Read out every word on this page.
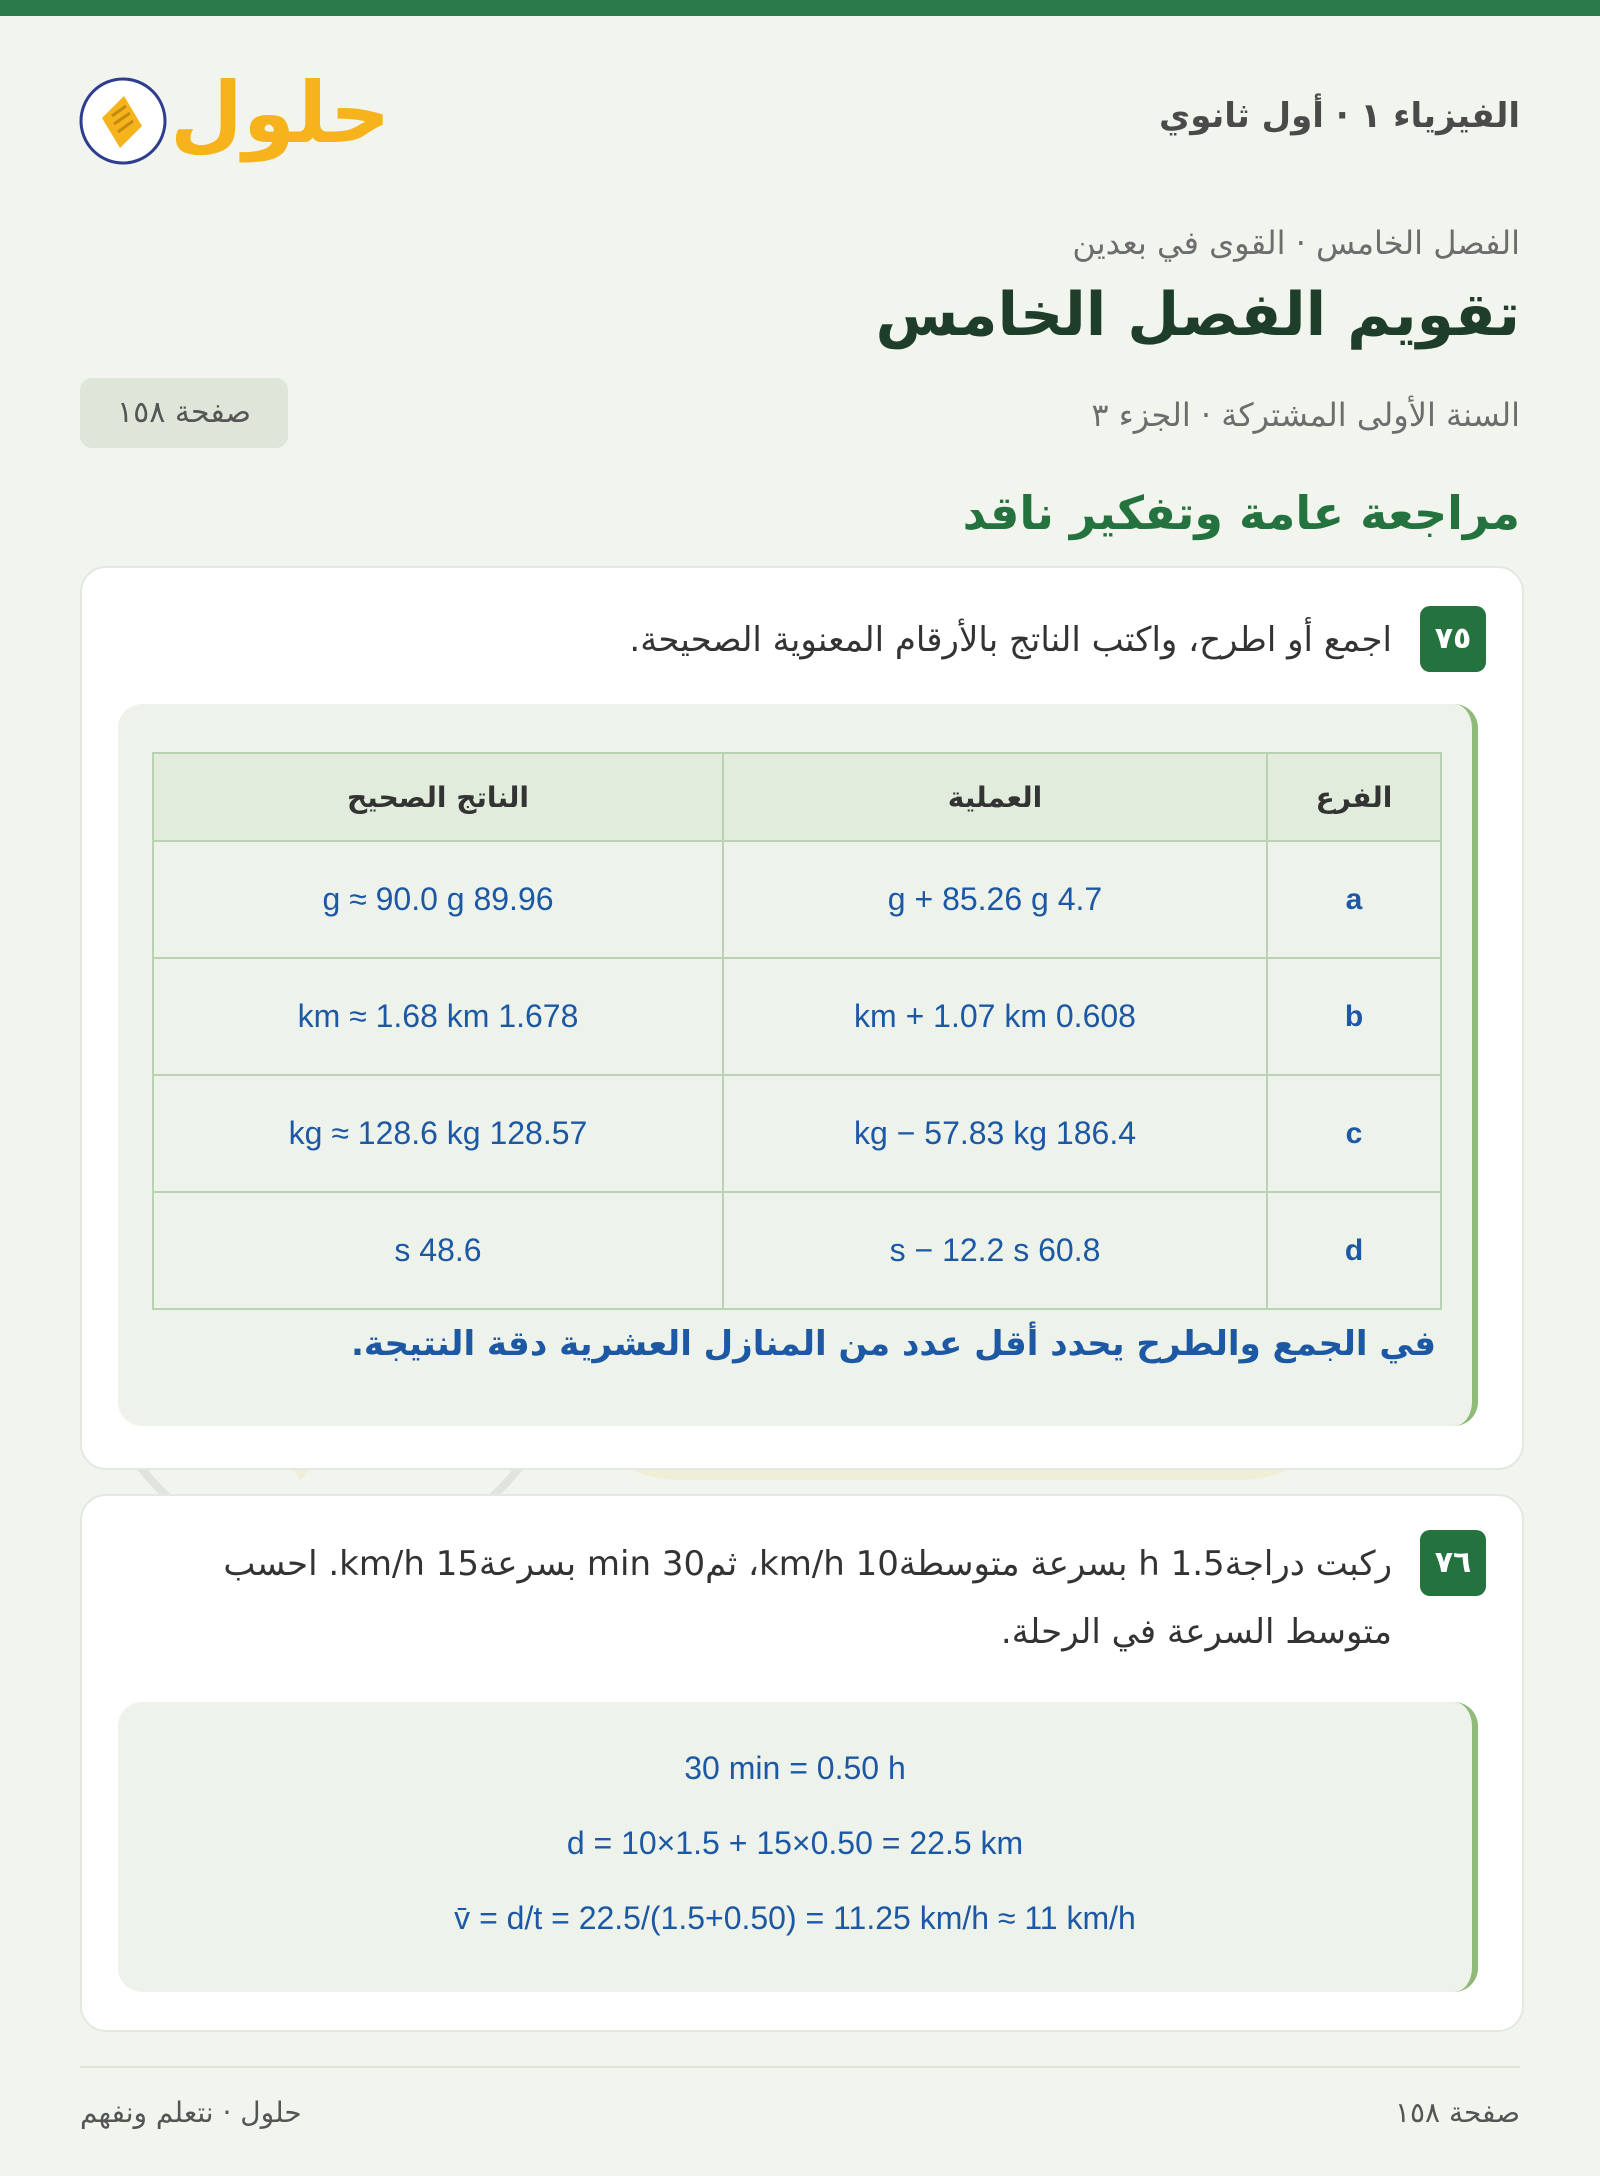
حلول	الفيزياء ١ · أول ثانوي
الفصل الخامس · القوى في بعدين
تقويم الفصل الخامس
السنة الأولى المشتركة · الجزء ٣
صفحة ١٥٨
مراجعة عامة وتفكير ناقد
٧٥
اجمع أو اطرح، واكتب الناتج بالأرقام المعنوية الصحيحة.
الفرع	العملية	الناتج الصحيح
a	4.7 g + 85.26 g	89.96 g ≈ 90.0 g
b	0.608 km + 1.07 km	1.678 km ≈ 1.68 km
c	186.4 kg − 57.83 kg	128.57 kg ≈ 128.6 kg
d	60.8 s − 12.2 s	48.6 s
في الجمع والطرح يحدد أقل عدد من المنازل العشرية دقة النتيجة.
٧٦
ركبت دراجة1.5 h بسرعة متوسطة10 km/h، ثم30 min بسرعة15 km/h. احسب
متوسط السرعة في الرحلة.
30 min = 0.50 h
d = 10×1.5 + 15×0.50 = 22.5 km
v̄ = d/t = 22.5/(1.5+0.50) = 11.25 km/h ≈ 11 km/h
صفحة ١٥٨
حلول · نتعلم ونفهم
